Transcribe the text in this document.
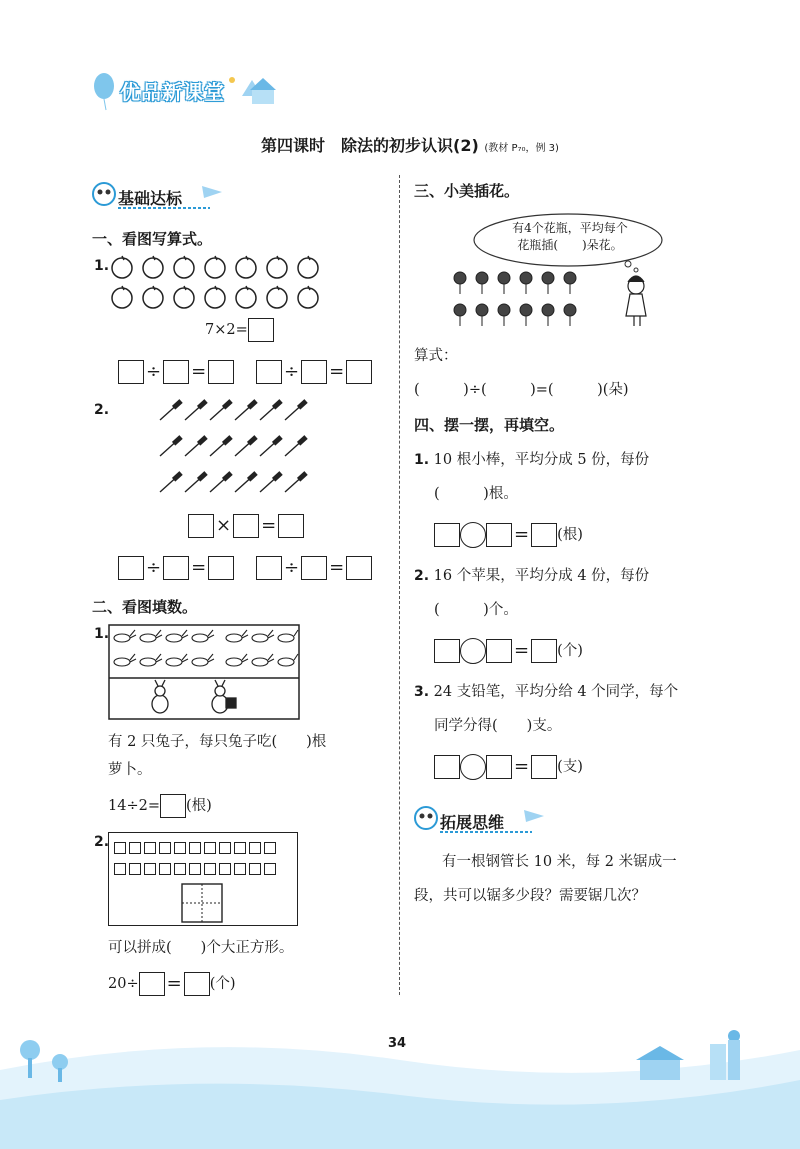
优品新课堂
第四课时　除法的初步认识(2) (教材 P₇₀，例 3)
基础达标
一、看图写算式。
1.
7×2=
÷ =	÷ =
2.
× =
÷ =	÷ =
二、看图填数。
1.
有 2 只兔子，每只兔子吃(　　)根
萝卜。
14÷2= (根)
2.
可以拼成(　　)个大正方形。
20÷ = (个)
三、小美插花。
有4个花瓶，平均每个
花瓶插(　　)朵花。
算式：
(　　　)÷(　　　)=(　　　)(朵)
四、摆一摆，再填空。
1. 10 根小棒，平均分成 5 份，每份
(　　　)根。
= (根)
2. 16 个苹果，平均分成 4 份，每份
(　　　)个。
= (个)
3. 24 支铅笔，平均分给 4 个同学，每个
同学分得(　　)支。
= (支)
拓展思维
有一根钢管长 10 米，每 2 米锯成一
段，共可以锯多少段？需要锯几次？
34
